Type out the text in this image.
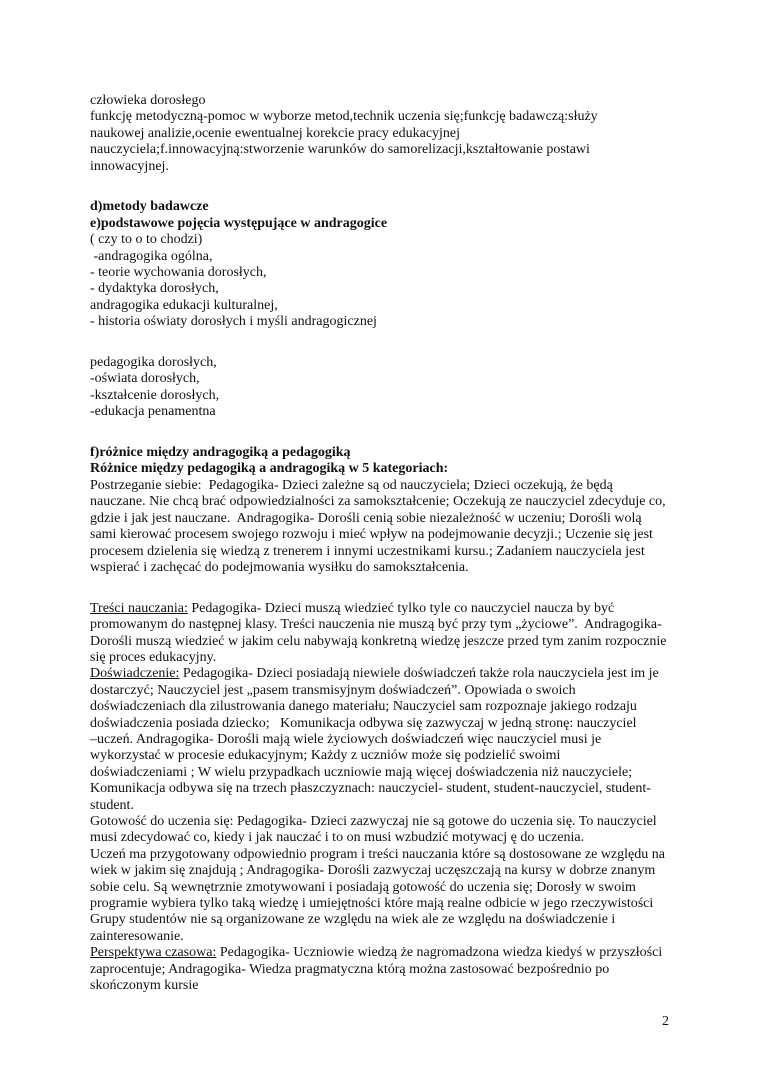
człowieka dorosłego
funkcję metodyczną-pomoc w wyborze metod,technik uczenia się;funkcję badawczą:służy
naukowej analizie,ocenie ewentualnej korekcie pracy edukacyjnej
nauczyciela;f.innowacyjną:stworzenie warunków do samorelizacji,kształtowanie postawi
innowacyjnej.
d)metody badawcze
e)podstawowe pojęcia występujące w andragogice
( czy to o to chodzi)
-andragogika ogólna,
- teorie wychowania dorosłych,
- dydaktyka dorosłych,
andragogika edukacji kulturalnej,
- historia oświaty dorosłych i myśli andragogicznej
pedagogika dorosłych,
-oświata dorosłych,
-kształcenie dorosłych,
-edukacja penamentna
f)różnice między andragogiką a pedagogiką
Różnice między pedagogiką a andragogiką w 5 kategoriach:
Postrzeganie siebie:  Pedagogika- Dzieci zależne są od nauczyciela; Dzieci oczekują, że będą
nauczane. Nie chcą brać odpowiedzialności za samokształcenie; Oczekują ze nauczyciel zdecyduje co,
gdzie i jak jest nauczane.  Andragogika- Dorośli cenią sobie niezależność w uczeniu; Dorośli wolą
sami kierować procesem swojego rozwoju i mieć wpływ na podejmowanie decyzji.; Uczenie się jest
procesem dzielenia się wiedzą z trenerem i innymi uczestnikami kursu.; Zadaniem nauczyciela jest
wspierać i zachęcać do podejmowania wysiłku do samokształcenia.
Treści nauczania: Pedagogika- Dzieci muszą wiedzieć tylko tyle co nauczyciel naucza by być
promowanym do następnej klasy. Treści nauczenia nie muszą być przy tym „życiowe”.  Andragogika-
Dorośli muszą wiedzieć w jakim celu nabywają konkretną wiedzę jeszcze przed tym zanim rozpocznie
się proces edukacyjny.
Doświadczenie: Pedagogika- Dzieci posiadają niewiele doświadczeń także rola nauczyciela jest im je
dostarczyć; Nauczyciel jest „pasem transmisyjnym doświadczeń”. Opowiada o swoich
doświadczeniach dla zilustrowania danego materiału; Nauczyciel sam rozpoznaje jakiego rodzaju
doświadczenia posiada dziecko;   Komunikacja odbywa się zazwyczaj w jedną stronę: nauczyciel
–uczeń. Andragogika- Dorośli mają wiele życiowych doświadczeń więc nauczyciel musi je
wykorzystać w procesie edukacyjnym; Każdy z uczniów może się podzielić swoimi
doświadczeniami ; W wielu przypadkach uczniowie mają więcej doświadczenia niż nauczyciele;
Komunikacja odbywa się na trzech płaszczyznach: nauczyciel- student, student-nauczyciel, student-
student.
Gotowość do uczenia się: Pedagogika- Dzieci zazwyczaj nie są gotowe do uczenia się. To nauczyciel
musi zdecydować co, kiedy i jak nauczać i to on musi wzbudzić motywacj ę do uczenia.
Uczeń ma przygotowany odpowiednio program i treści nauczania które są dostosowane ze względu na
wiek w jakim się znajdują ; Andragogika- Dorośli zazwyczaj uczęszczają na kursy w dobrze znanym
sobie celu. Są wewnętrznie zmotywowani i posiadają gotowość do uczenia się; Dorosły w swoim
programie wybiera tylko taką wiedzę i umiejętności które mają realne odbicie w jego rzeczywistości
Grupy studentów nie są organizowane ze względu na wiek ale ze względu na doświadczenie i
zainteresowanie.
Perspektywa czasowa: Pedagogika- Uczniowie wiedzą że nagromadzona wiedza kiedyś w przyszłości
zaprocentuje; Andragogika- Wiedza pragmatyczna którą można zastosować bezpośrednio po
skończonym kursie
2
